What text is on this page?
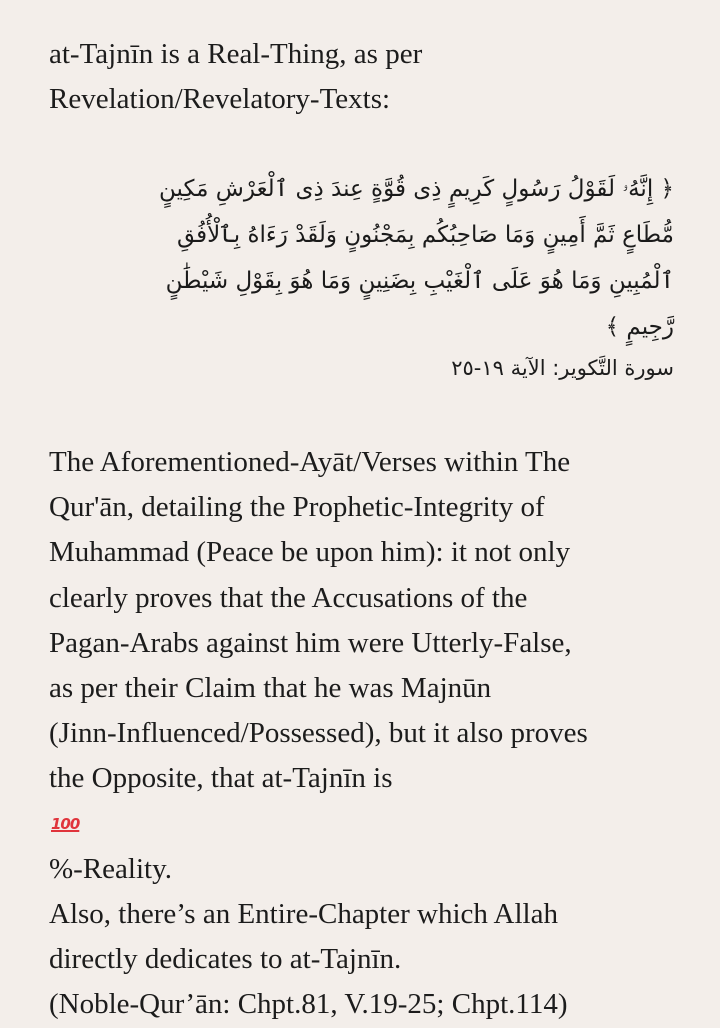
at-Tajnīn is a Real-Thing, as per
Revelation/Revelatory-Texts:

﴿ إِنَّهُۥ لَقَوْلُ رَسُولٍ كَرِيمٍ ذِى قُوَّةٍ عِندَ ذِى ٱلْعَرْشِ مَكِينٍ
مُّطَاعٍ ثَمَّ أَمِينٍ وَمَا صَاحِبُكُم بِمَجْنُونٍ وَلَقَدْ رَءَاهُ بِٱلْأُفُقِ
ٱلْمُبِينِ وَمَا هُوَ عَلَى ٱلْغَيْبِ بِضَنِينٍ وَمَا هُوَ بِقَوْلِ شَيْطَٰنٍ
رَّجِيمٍ ﴾

سورة التَّكوير: الآية ١٩-٢٥

The Aforementioned-Ayāt/Verses within The
Qur'ān, detailing the Prophetic-Integrity of
Muhammad (Peace be upon him): it not only
clearly proves that the Accusations of the
Pagan-Arabs against him were Utterly-False,
as per their Claim that he was Majnūn
(Jinn-Influenced/Possessed), but it also proves
the Opposite, that at-Tajnīn is
100
%-Reality.
Also, there’s an Entire-Chapter which Allah
directly dedicates to at-Tajnīn.
(Noble-Qur’ān: Chpt.81, V.19-25; Chpt.114)
